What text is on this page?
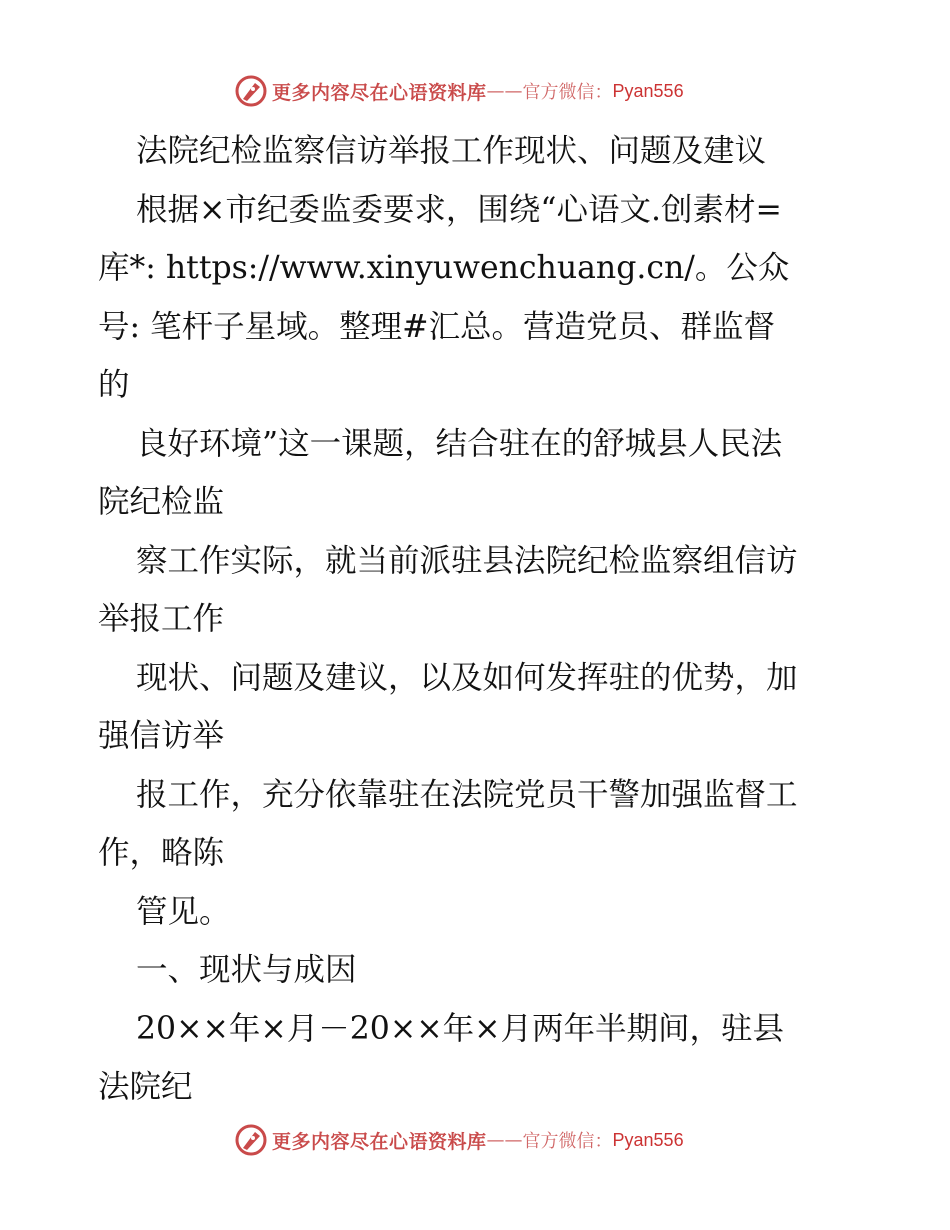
更多内容尽在心语资料库 —— 官方微信： Pyan556
法院纪检监察信访举报工作现状、问题及建议
根据×市纪委监委要求，围绕“心语文.创素材=
库*: https://www.xinyuwenchuang.cn/。公众
号: 笔杆子星域。整理#汇总。营造党员、群监督
的
良好环境”这一课题，结合驻在的舒城县人民法
院纪检监
察工作实际，就当前派驻县法院纪检监察组信访
举报工作
现状、问题及建议，以及如何发挥驻的优势，加
强信访举
报工作，充分依靠驻在法院党员干警加强监督工
作，略陈
管见。
一、现状与成因
20××年×月－20××年×月两年半期间，驻县
法院纪
更多内容尽在心语资料库 —— 官方微信： Pyan556
